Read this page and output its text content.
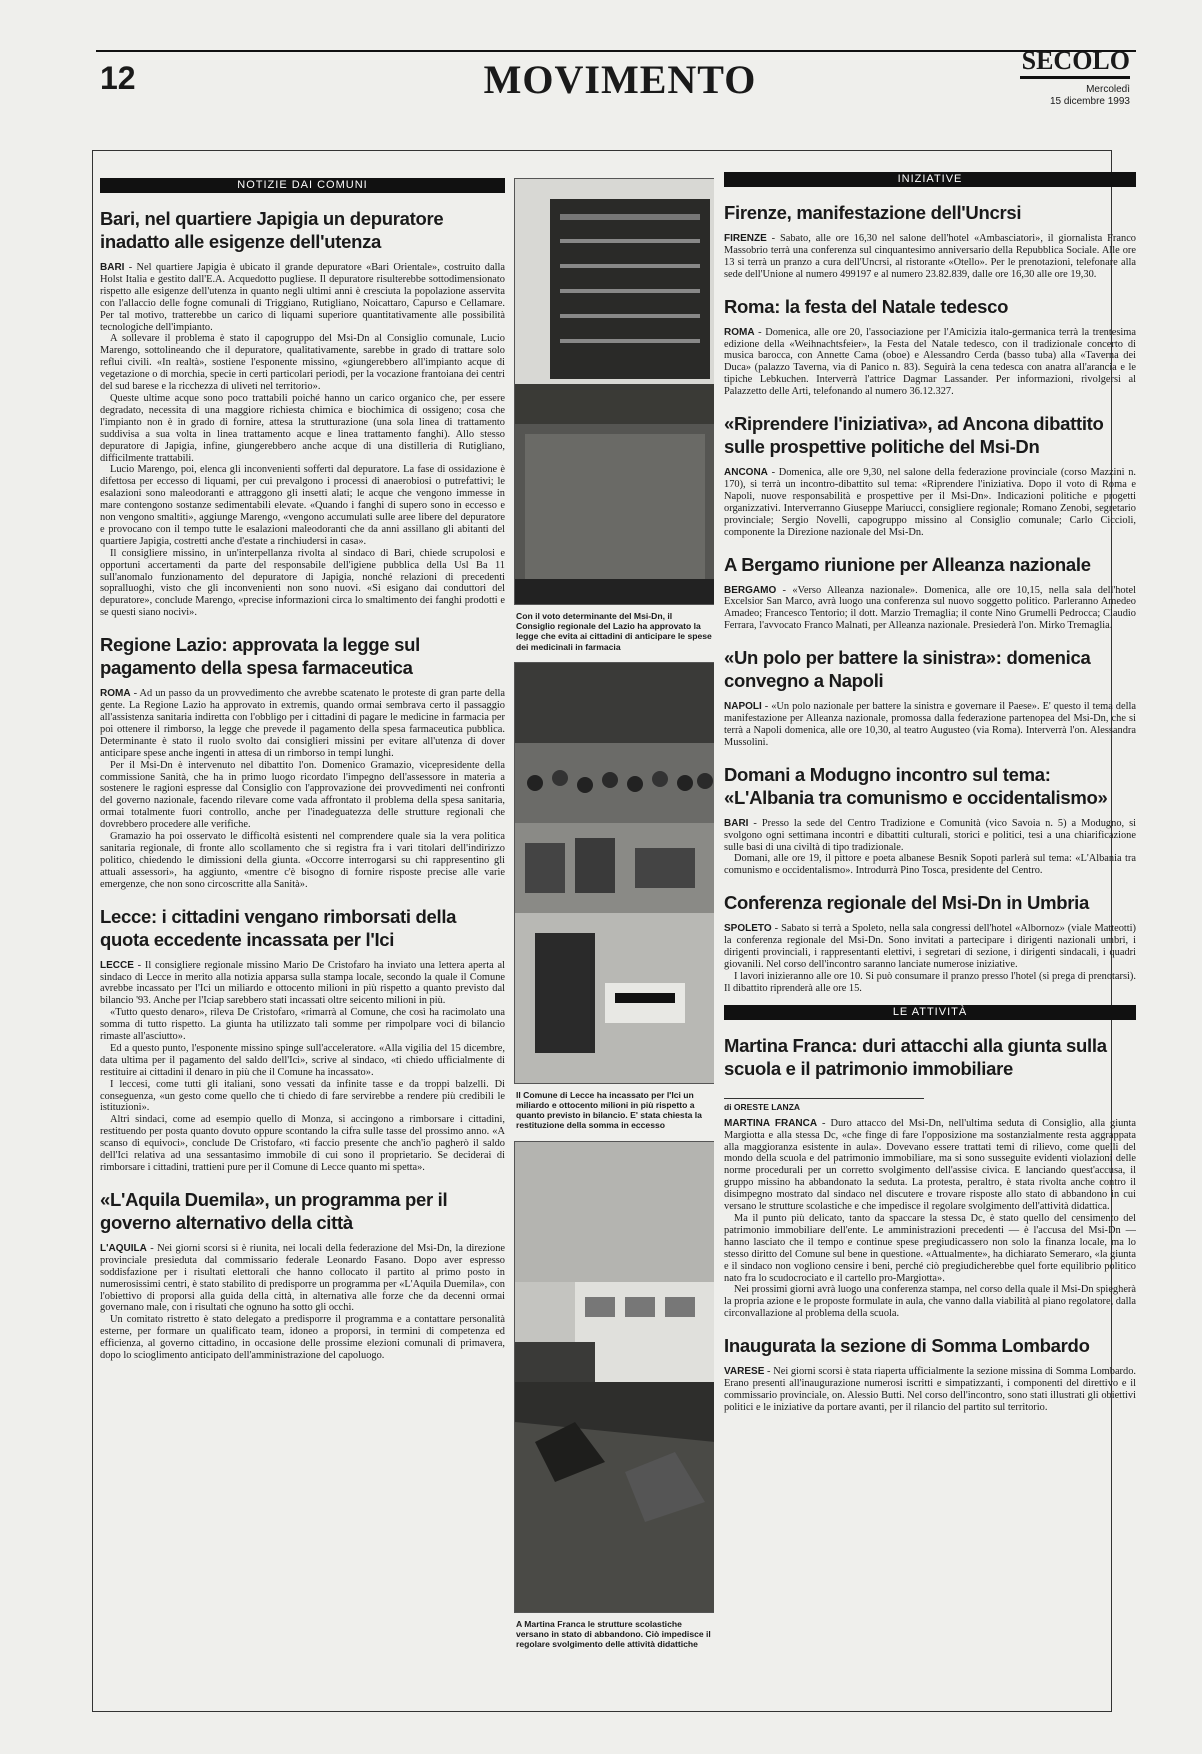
12	MOVIMENTO	SECOLO
Mercoledì
15 dicembre 1993
NOTIZIE DAI COMUNI
Bari, nel quartiere Japigia un depuratore inadatto alle esigenze dell'utenza

BARI - Nel quartiere Japigia è ubicato il grande depuratore «Bari Orientale», costruito dalla Holst Italia e gestito dall'E.A. Acquedotto pugliese. Il depuratore risulterebbe sottodimensionato rispetto alle esigenze dell'utenza in quanto negli ultimi anni è cresciuta la popolazione asservita con l'allaccio delle fogne comunali di Triggiano, Rutigliano, Noicattaro, Capurso e Cellamare. Per tal motivo, tratterebbe un carico di liquami superiore quantitativamente alle possibilità tecnologiche dell'impianto.

A sollevare il problema è stato il capogruppo del Msi-Dn al Consiglio comunale, Lucio Marengo, sottolineando che il depuratore, qualitativamente, sarebbe in grado di trattare solo reflui civili. «In realtà», sostiene l'esponente missino, «giungerebbero all'impianto acque di vegetazione o di morchia, specie in certi particolari periodi, per la vocazione frantoiana dei centri del sud barese e la ricchezza di uliveti nel territorio».

Queste ultime acque sono poco trattabili poiché hanno un carico organico che, per essere degradato, necessita di una maggiore richiesta chimica e biochimica di ossigeno; cosa che l'impianto non è in grado di fornire, attesa la strutturazione (una sola linea di trattamento suddivisa a sua volta in linea trattamento acque e linea trattamento fanghi). Allo stesso depuratore di Japigia, infine, giungerebbero anche acque di una distilleria di Rutigliano, difficilmente trattabili.

Lucio Marengo, poi, elenca gli inconvenienti sofferti dal depuratore. La fase di ossidazione è difettosa per eccesso di liquami, per cui prevalgono i processi di anaerobiosi o putrefattivi; le esalazioni sono maleodoranti e attraggono gli insetti alati; le acque che vengono immesse in mare contengono sostanze sedimentabili elevate. «Quando i fanghi di supero sono in eccesso e non vengono smaltiti», aggiunge Marengo, «vengono accumulati sulle aree libere del depuratore e provocano con il tempo tutte le esalazioni maleodoranti che da anni assillano gli abitanti del quartiere Japigia, costretti anche d'estate a rinchiudersi in casa».

Il consigliere missino, in un'interpellanza rivolta al sindaco di Bari, chiede scrupolosi e opportuni accertamenti da parte del responsabile dell'igiene pubblica della Usl Ba 11 sull'anomalo funzionamento del depuratore di Japigia, nonché relazioni di precedenti sopralluoghi, visto che gli inconvenienti non sono nuovi. «Si esigano dai conduttori del depuratore», conclude Marengo, «precise informazioni circa lo smaltimento dei fanghi prodotti e se questi siano nocivi».

Regione Lazio: approvata la legge sul pagamento della spesa farmaceutica

ROMA - Ad un passo da un provvedimento che avrebbe scatenato le proteste di gran parte della gente. La Regione Lazio ha approvato in extremis, quando ormai sembrava certo il passaggio all'assistenza sanitaria indiretta con l'obbligo per i cittadini di pagare le medicine in farmacia per poi ottenere il rimborso, la legge che prevede il pagamento della spesa farmaceutica pubblica. Determinante è stato il ruolo svolto dai consiglieri missini per evitare all'utenza di dover anticipare spese anche ingenti in attesa di un rimborso in tempi lunghi.

Per il Msi-Dn è intervenuto nel dibattito l'on. Domenico Gramazio, vicepresidente della commissione Sanità, che ha in primo luogo ricordato l'impegno dell'assessore in materia a sostenere le ragioni espresse dal Consiglio con l'approvazione dei provvedimenti nei confronti del governo nazionale, facendo rilevare come vada affrontato il problema della spesa sanitaria, ormai totalmente fuori controllo, anche per l'inadeguatezza delle strutture regionali che dovrebbero procedere alle verifiche.

Gramazio ha poi osservato le difficoltà esistenti nel comprendere quale sia la vera politica sanitaria regionale, di fronte allo scollamento che si registra fra i vari titolari dell'indirizzo politico, chiedendo le dimissioni della giunta. «Occorre interrogarsi su chi rappresentino gli attuali assessori», ha aggiunto, «mentre c'è bisogno di fornire risposte precise alle varie emergenze, che non sono circoscritte alla Sanità».

Lecce: i cittadini vengano rimborsati della quota eccedente incassata per l'Ici

LECCE - Il consigliere regionale missino Mario De Cristofaro ha inviato una lettera aperta al sindaco di Lecce in merito alla notizia apparsa sulla stampa locale, secondo la quale il Comune avrebbe incassato per l'Ici un miliardo e ottocento milioni in più rispetto a quanto previsto dal bilancio '93. Anche per l'Iciap sarebbero stati incassati oltre seicento milioni in più.

«Tutto questo denaro», rileva De Cristofaro, «rimarrà al Comune, che così ha racimolato una somma di tutto rispetto. La giunta ha utilizzato tali somme per rimpolpare voci di bilancio rimaste all'asciutto».

Ed a questo punto, l'esponente missino spinge sull'acceleratore. «Alla vigilia del 15 dicembre, data ultima per il pagamento del saldo dell'Ici», scrive al sindaco, «ti chiedo ufficialmente di restituire ai cittadini il denaro in più che il Comune ha incassato».

I leccesi, come tutti gli italiani, sono vessati da infinite tasse e da troppi balzelli. Di conseguenza, «un gesto come quello che ti chiedo di fare servirebbe a rendere più credibili le istituzioni».

Altri sindaci, come ad esempio quello di Monza, si accingono a rimborsare i cittadini, restituendo per posta quanto dovuto oppure scontando la cifra sulle tasse del prossimo anno. «A scanso di equivoci», conclude De Cristofaro, «ti faccio presente che anch'io pagherò il saldo dell'Ici relativa ad una sessantasimo immobile di cui sono il proprietario. Se deciderai di rimborsare i cittadini, trattieni pure per il Comune di Lecce quanto mi spetta».

«L'Aquila Duemila», un programma per il governo alternativo della città

L'AQUILA - Nei giorni scorsi si è riunita, nei locali della federazione del Msi-Dn, la direzione provinciale presieduta dal commissario federale Leonardo Fasano. Dopo aver espresso soddisfazione per i risultati elettorali che hanno collocato il partito al primo posto in numerosissimi centri, è stato stabilito di predisporre un programma per «L'Aquila Duemila», con l'obiettivo di proporsi alla guida della città, in alternativa alle forze che da decenni ormai governano male, con i risultati che ognuno ha sotto gli occhi.

Un comitato ristretto è stato delegato a predisporre il programma e a contattare personalità esterne, per formare un qualificato team, idoneo a proporsi, in termini di competenza ed efficienza, al governo cittadino, in occasione delle prossime elezioni comunali di primavera, dopo lo scioglimento anticipato dell'amministrazione del capoluogo.

Con il voto determinante del Msi-Dn, il Consiglio regionale del Lazio ha approvato la legge che evita ai cittadini di anticipare le spese dei medicinali in farmacia
Il Comune di Lecce ha incassato per l'Ici un miliardo e ottocento milioni in più rispetto a quanto previsto in bilancio. E' stata chiesta la restituzione della somma in eccesso
A Martina Franca le strutture scolastiche versano in stato di abbandono. Ciò impedisce il regolare svolgimento delle attività didattiche
INIZIATIVE
Firenze, manifestazione dell'Uncrsi

FIRENZE - Sabato, alle ore 16,30 nel salone dell'hotel «Ambasciatori», il giornalista Franco Massobrio terrà una conferenza sul cinquantesimo anniversario della Repubblica Sociale. Alle ore 13 si terrà un pranzo a cura dell'Uncrsi, al ristorante «Otello». Per le prenotazioni, telefonare alla sede dell'Unione al numero 499197 e al numero 23.82.839, dalle ore 16,30 alle ore 19,30.

Roma: la festa del Natale tedesco

ROMA - Domenica, alle ore 20, l'associazione per l'Amicizia italo-germanica terrà la trentesima edizione della «Weihnachtsfeier», la Festa del Natale tedesco, con il tradizionale concerto di musica barocca, con Annette Cama (oboe) e Alessandro Cerda (basso tuba) alla «Taverna dei Duca» (palazzo Taverna, via di Panico n. 83). Seguirà la cena tedesca con anatra all'arancia e le tipiche Lebkuchen. Interverrà l'attrice Dagmar Lassander. Per informazioni, rivolgersi al Palazzetto delle Arti, telefonando al numero 36.12.327.

«Riprendere l'iniziativa», ad Ancona dibattito sulle prospettive politiche del Msi-Dn

ANCONA - Domenica, alle ore 9,30, nel salone della federazione provinciale (corso Mazzini n. 170), si terrà un incontro-dibattito sul tema: «Riprendere l'iniziativa. Dopo il voto di Roma e Napoli, nuove responsabilità e prospettive per il Msi-Dn». Indicazioni politiche e progetti organizzativi. Interverranno Giuseppe Mariucci, consigliere regionale; Romano Zenobi, segretario provinciale; Sergio Novelli, capogruppo missino al Consiglio comunale; Carlo Ciccioli, componente la Direzione nazionale del Msi-Dn.

A Bergamo riunione per Alleanza nazionale

BERGAMO - «Verso Alleanza nazionale». Domenica, alle ore 10,15, nella sala dell'hotel Excelsior San Marco, avrà luogo una conferenza sul nuovo soggetto politico. Parleranno Amedeo Amadeo; Francesco Tentorio; il dott. Marzio Tremaglia; il conte Nino Grumelli Pedrocca; Claudio Ferrara, l'avvocato Franco Malnati, per Alleanza nazionale. Presiederà l'on. Mirko Tremaglia.

«Un polo per battere la sinistra»: domenica convegno a Napoli

NAPOLI - «Un polo nazionale per battere la sinistra e governare il Paese». E' questo il tema della manifestazione per Alleanza nazionale, promossa dalla federazione partenopea del Msi-Dn, che si terrà a Napoli domenica, alle ore 10,30, al teatro Augusteo (via Roma). Interverrà l'on. Alessandra Mussolini.

Domani a Modugno incontro sul tema: «L'Albania tra comunismo e occidentalismo»

BARI - Presso la sede del Centro Tradizione e Comunità (vico Savoia n. 5) a Modugno, si svolgono ogni settimana incontri e dibattiti culturali, storici e politici, tesi a una chiarificazione sulle basi di una civiltà di tipo tradizionale.

Domani, alle ore 19, il pittore e poeta albanese Besnik Sopoti parlerà sul tema: «L'Albania tra comunismo e occidentalismo». Introdurrà Pino Tosca, presidente del Centro.

Conferenza regionale del Msi-Dn in Umbria

SPOLETO - Sabato si terrà a Spoleto, nella sala congressi dell'hotel «Albornoz» (viale Matteotti) la conferenza regionale del Msi-Dn. Sono invitati a partecipare i dirigenti nazionali umbri, i dirigenti provinciali, i rappresentanti elettivi, i segretari di sezione, i dirigenti sindacali, i quadri giovanili. Nel corso dell'incontro saranno lanciate numerose iniziative.

I lavori inizieranno alle ore 10. Si può consumare il pranzo presso l'hotel (si prega di prenotarsi). Il dibattito riprenderà alle ore 15.

LE ATTIVITÀ
Martina Franca: duri attacchi alla giunta sulla scuola e il patrimonio immobiliare
di ORESTE LANZA

MARTINA FRANCA - Duro attacco del Msi-Dn, nell'ultima seduta di Consiglio, alla giunta Margiotta e alla stessa Dc, «che finge di fare l'opposizione ma sostanzialmente resta aggrappata alla maggioranza esistente in aula». Dovevano essere trattati temi di rilievo, come quelli del mondo della scuola e del patrimonio immobiliare, ma si sono susseguite evidenti violazioni delle norme procedurali per un corretto svolgimento dell'assise civica. E lanciando quest'accusa, il gruppo missino ha abbandonato la seduta. La protesta, peraltro, è stata rivolta anche contro il disimpegno mostrato dal sindaco nel discutere e trovare risposte allo stato di abbandono in cui versano le strutture scolastiche e che impedisce il regolare svolgimento dell'attività didattica.

Ma il punto più delicato, tanto da spaccare la stessa Dc, è stato quello del censimento del patrimonio immobiliare dell'ente. Le amministrazioni precedenti — è l'accusa del Msi-Dn — hanno lasciato che il tempo e continue spese pregiudicassero non solo la finanza locale, ma lo stesso diritto del Comune sul bene in questione. «Attualmente», ha dichiarato Semeraro, «la giunta e il sindaco non vogliono censire i beni, perché ciò pregiudicherebbe quel forte equilibrio politico nato fra lo scudocrociato e il cartello pro-Margiotta».

Nei prossimi giorni avrà luogo una conferenza stampa, nel corso della quale il Msi-Dn spiegherà la propria azione e le proposte formulate in aula, che vanno dalla viabilità al piano regolatore, dalla circonvallazione al problema della scuola.

Inaugurata la sezione di Somma Lombardo

VARESE - Nei giorni scorsi è stata riaperta ufficialmente la sezione missina di Somma Lombardo. Erano presenti all'inaugurazione numerosi iscritti e simpatizzanti, i componenti del direttivo e il commissario provinciale, on. Alessio Butti. Nel corso dell'incontro, sono stati illustrati gli obiettivi politici e le iniziative da portare avanti, per il rilancio del partito sul territorio.
